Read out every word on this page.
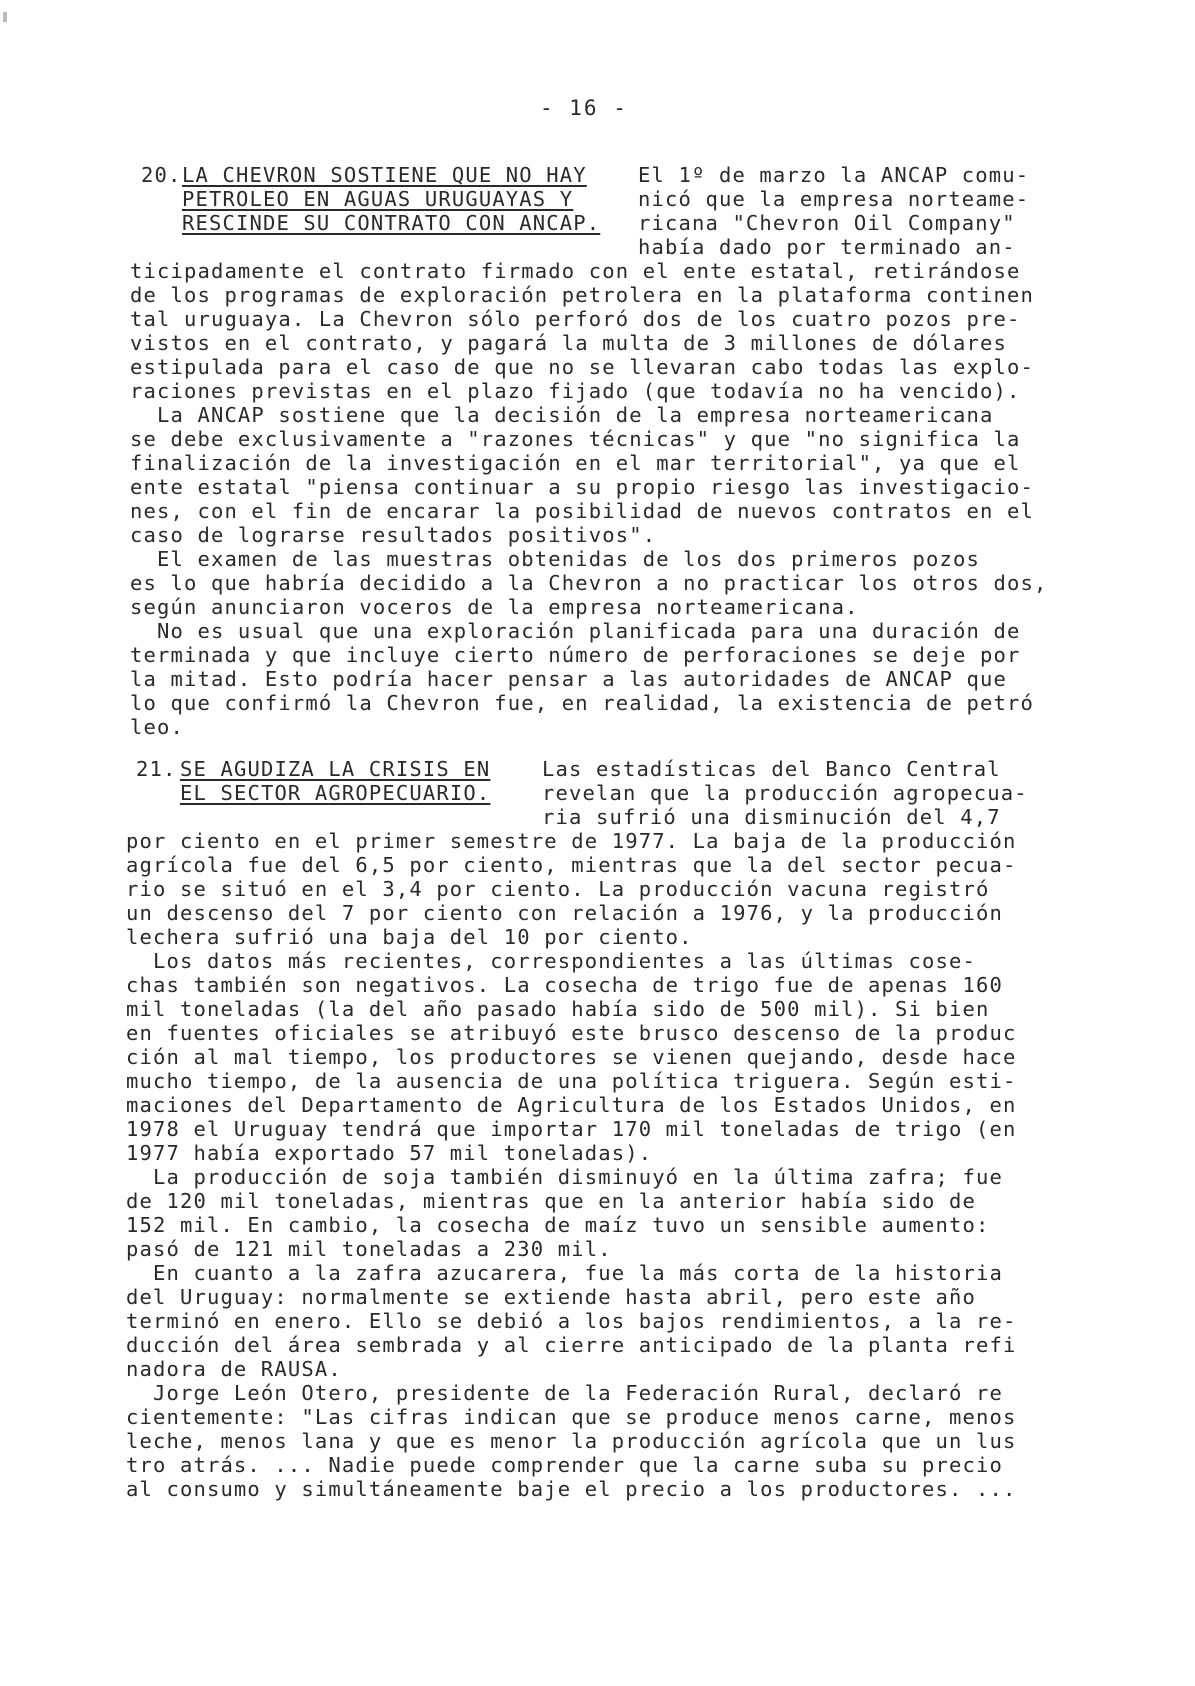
- 16 -
20. LA CHEVRON SOSTIENE QUE NO HAY
PETROLEO EN AGUAS URUGUAYAS Y
RESCINDE SU CONTRATO CON ANCAP.
El 1º de marzo la ANCAP comu-
nicó que la empresa norteame-
ricana "Chevron Oil Company"
había dado por terminado an-
ticipadamente el contrato firmado con el ente estatal, retirándose
de los programas de exploración petrolera en la plataforma continen
tal uruguaya. La Chevron sólo perforó dos de los cuatro pozos pre-
vistos en el contrato, y pagará la multa de 3 millones de dólares
estipulada para el caso de que no se llevaran cabo todas las explo-
raciones previstas en el plazo fijado (que todavía no ha vencido).
La ANCAP sostiene que la decisión de la empresa norteamericana
se debe exclusivamente a "razones técnicas" y que "no significa la
finalización de la investigación en el mar territorial", ya que el
ente estatal "piensa continuar a su propio riesgo las investigacio-
nes, con el fin de encarar la posibilidad de nuevos contratos en el
caso de lograrse resultados positivos".
El examen de las muestras obtenidas de los dos primeros pozos
es lo que habría decidido a la Chevron a no practicar los otros dos,
según anunciaron voceros de la empresa norteamericana.
No es usual que una exploración planificada para una duración de
terminada y que incluye cierto número de perforaciones se deje por
la mitad. Esto podría hacer pensar a las autoridades de ANCAP que
lo que confirmó la Chevron fue, en realidad, la existencia de petró
leo.
21. SE AGUDIZA LA CRISIS EN
EL SECTOR AGROPECUARIO.
Las estadísticas del Banco Central
revelan que la producción agropecua-
ria sufrió una disminución del 4,7
por ciento en el primer semestre de 1977. La baja de la producción
agrícola fue del 6,5 por ciento, mientras que la del sector pecua-
rio se situó en el 3,4 por ciento. La producción vacuna registró
un descenso del 7 por ciento con relación a 1976, y la producción
lechera sufrió una baja del 10 por ciento.
Los datos más recientes, correspondientes a las últimas cose-
chas también son negativos. La cosecha de trigo fue de apenas 160
mil toneladas (la del año pasado había sido de 500 mil). Si bien
en fuentes oficiales se atribuyó este brusco descenso de la produc
ción al mal tiempo, los productores se vienen quejando, desde hace
mucho tiempo, de la ausencia de una política triguera. Según esti-
maciones del Departamento de Agricultura de los Estados Unidos, en
1978 el Uruguay tendrá que importar 170 mil toneladas de trigo (en
1977 había exportado 57 mil toneladas).
La producción de soja también disminuyó en la última zafra; fue
de 120 mil toneladas, mientras que en la anterior había sido de
152 mil. En cambio, la cosecha de maíz tuvo un sensible aumento:
pasó de 121 mil toneladas a 230 mil.
En cuanto a la zafra azucarera, fue la más corta de la historia
del Uruguay: normalmente se extiende hasta abril, pero este año
terminó en enero. Ello se debió a los bajos rendimientos, a la re-
ducción del área sembrada y al cierre anticipado de la planta refi
nadora de RAUSA.
Jorge León Otero, presidente de la Federación Rural, declaró re
cientemente: "Las cifras indican que se produce menos carne, menos
leche, menos lana y que es menor la producción agrícola que un lus
tro atrás. ... Nadie puede comprender que la carne suba su precio
al consumo y simultáneamente baje el precio a los productores. ...
